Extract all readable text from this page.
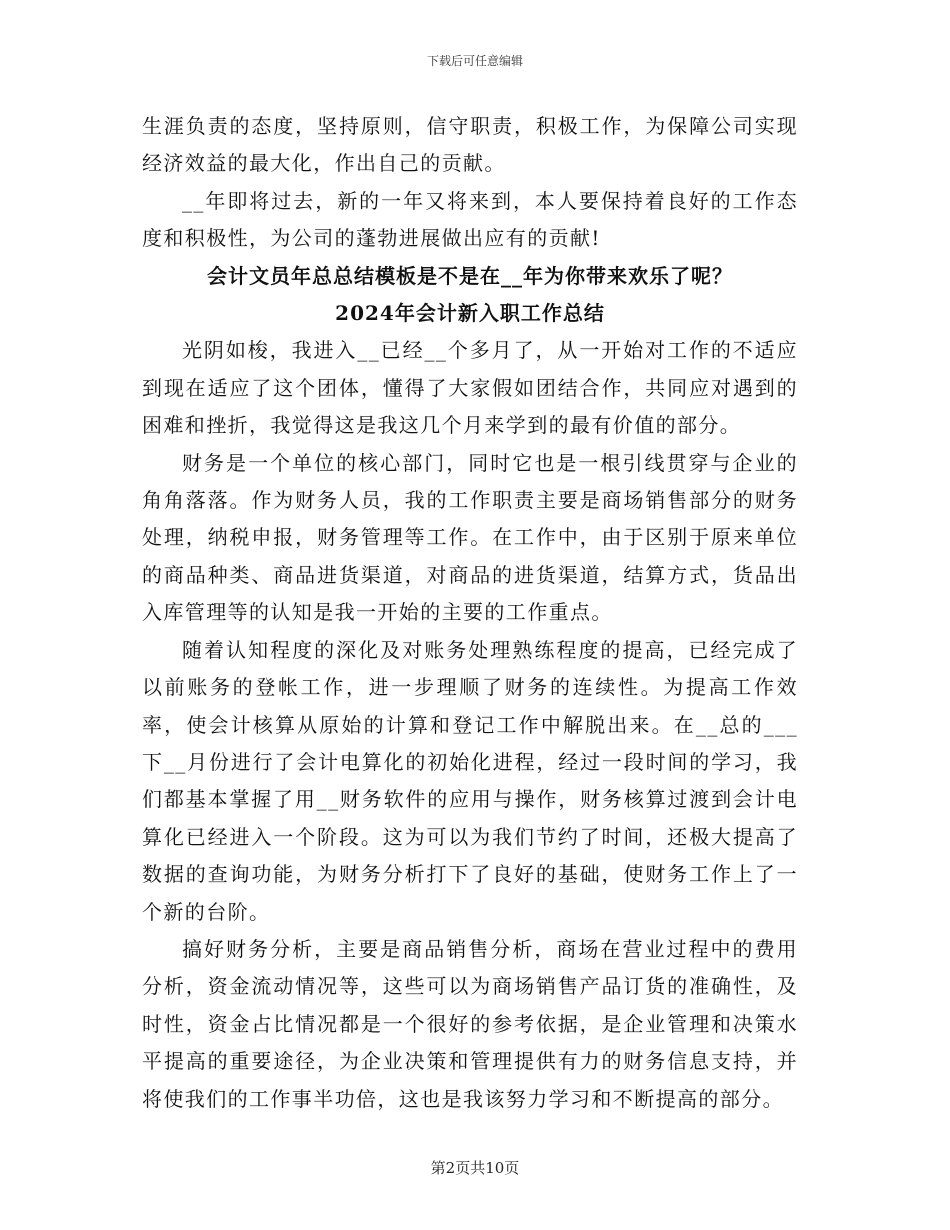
下载后可任意编辑

生涯负责的态度，坚持原则，信守职责，积极工作，为保障公司实现经济效益的最大化，作出自己的贡献。

__年即将过去，新的一年又将来到，本人要保持着良好的工作态度和积极性，为公司的蓬勃进展做出应有的贡献!

会计文员年总总结模板是不是在__年为你带来欢乐了呢？

2024年会计新入职工作总结

光阴如梭，我进入__已经__个多月了，从一开始对工作的不适应到现在适应了这个团体，懂得了大家假如团结合作，共同应对遇到的困难和挫折，我觉得这是我这几个月来学到的最有价值的部分。

财务是一个单位的核心部门，同时它也是一根引线贯穿与企业的角角落落。作为财务人员，我的工作职责主要是商场销售部分的财务处理，纳税申报，财务管理等工作。在工作中，由于区别于原来单位的商品种类、商品进货渠道，对商品的进货渠道，结算方式，货品出入库管理等的认知是我一开始的主要的工作重点。

随着认知程度的深化及对账务处理熟练程度的提高，已经完成了以前账务的登帐工作，进一步理顺了财务的连续性。为提高工作效率，使会计核算从原始的计算和登记工作中解脱出来。在__总的___下__月份进行了会计电算化的初始化进程，经过一段时间的学习，我们都基本掌握了用__财务软件的应用与操作，财务核算过渡到会计电算化已经进入一个阶段。这为可以为我们节约了时间，还极大提高了数据的查询功能，为财务分析打下了良好的基础，使财务工作上了一个新的台阶。

搞好财务分析，主要是商品销售分析，商场在营业过程中的费用分析，资金流动情况等，这些可以为商场销售产品订货的准确性，及时性，资金占比情况都是一个很好的参考依据，是企业管理和决策水平提高的重要途径，为企业决策和管理提供有力的财务信息支持，并将使我们的工作事半功倍，这也是我该努力学习和不断提高的部分。

第2页共10页
